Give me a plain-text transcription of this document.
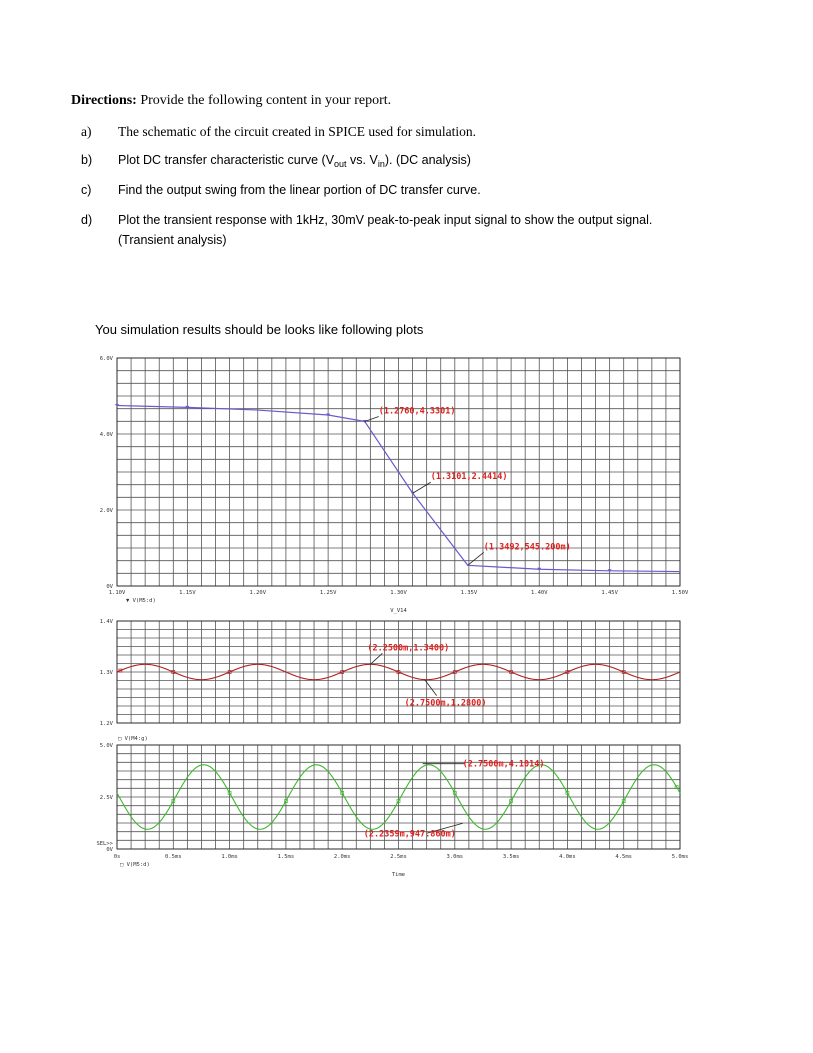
Directions: Provide the following content in your report.
a) The schematic of the circuit created in SPICE used for simulation.
b) Plot DC transfer characteristic curve ($V_{out}$ vs. $V_{in}$). (DC analysis)
c) Find the output swing from the linear portion of DC transfer curve.
d) Plot the transient response with 1kHz, 30mV peak-to-peak input signal to show the output signal.
(Transient analysis)
You simulation results should be looks like following plots
0V
2.0V
4.0V
6.0V
1.10V	1.15V	1.20V	1.25V	1.30V	1.35V	1.40V	1.45V	1.50V
▼ V(M5:d)
V_V14
(1.2760,4.3301)
(1.3101,2.4414)
(1.3492,545.200m)
1.2V
1.3V
1.4V
□ V(M4:g)
(2.2500m,1.3400)
(2.7500m,1.2800)
0V
2.5V
5.0V
SEL>>
0s	0.5ms	1.0ms	1.5ms	2.0ms	2.5ms	3.0ms	3.5ms	4.0ms	4.5ms	5.0ms
□ V(M5:d)
Time
(2.7500m,4.1014)
(2.2359m,947.860m)
